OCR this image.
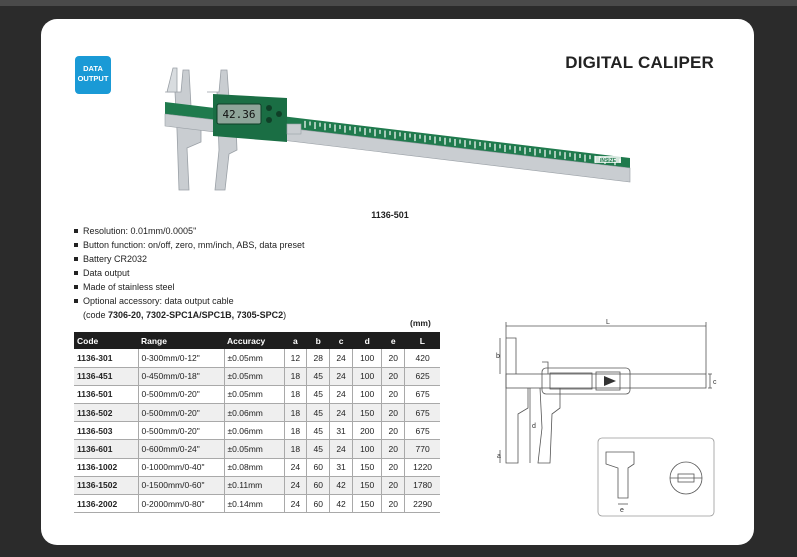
DATA
OUTPUT
DIGITAL CALIPER
42.36
INSIZE
1136-501
Resolution: 0.01mm/0.0005"
Button function: on/off, zero, mm/inch, ABS, data preset
Battery CR2032
Data output
Made of stainless steel
Optional accessory: data output cable
(code 7306-20, 7302-SPC1A/SPC1B, 7305-SPC2)
(mm)
Code	Range	Accuracy	a	b	c	d	e	L
1136-301	0-300mm/0-12"	±0.05mm	12	28	24	100	20	420
1136-451	0-450mm/0-18"	±0.05mm	18	45	24	100	20	625
1136-501	0-500mm/0-20"	±0.05mm	18	45	24	100	20	675
1136-502	0-500mm/0-20"	±0.06mm	18	45	24	150	20	675
1136-503	0-500mm/0-20"	±0.06mm	18	45	31	200	20	675
1136-601	0-600mm/0-24"	±0.05mm	18	45	24	100	20	770
1136-1002	0-1000mm/0-40"	±0.08mm	24	60	31	150	20	1220
1136-1502	0-1500mm/0-60"	±0.11mm	24	60	42	150	20	1780
1136-2002	0-2000mm/0-80"	±0.14mm	24	60	42	150	20	2290
L
a
b
c
d
e
